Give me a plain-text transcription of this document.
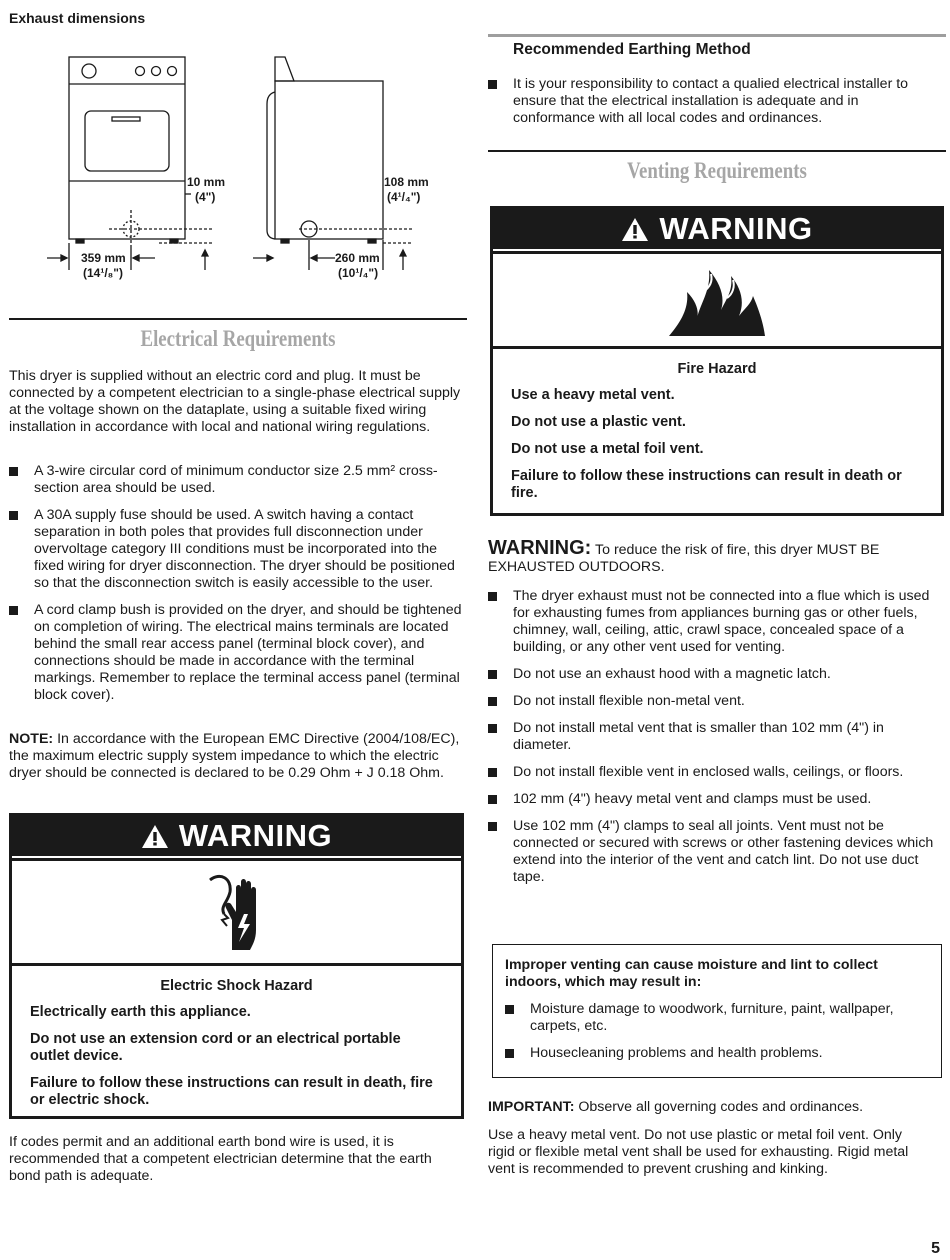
Exhaust dimensions
10 mm
(4")
359 mm
(14¹/₈")
108 mm
(4¹/₄")
260 mm
(10¹/₄")
Electrical Requirements

This dryer is supplied without an electric cord and plug. It must be connected by a competent electrician to a single-phase electrical supply at the voltage shown on the dataplate, using a suitable fixed wiring installation in accordance with local and national wiring regulations.

A 3-wire circular cord of minimum conductor size 2.5 mm² cross-section area should be used.
A 30A supply fuse should be used. A switch having a contact separation in both poles that provides full disconnection under overvoltage category III conditions must be incorporated into the fixed wiring for dryer disconnection. The dryer should be positioned so that the disconnection switch is easily accessible to the user.
A cord clamp bush is provided on the dryer, and should be tightened on completion of wiring. The electrical mains terminals are located behind the small rear access panel (terminal block cover), and connections should be made in accordance with the terminal markings. Remember to replace the terminal access panel (terminal block cover).

NOTE: In accordance with the European EMC Directive (2004/108/EC), the maximum electric supply system impedance to which the electric dryer should be connected is declared to be 0.29 Ohm + J 0.18 Ohm.

WARNING
Electric Shock Hazard
Electrically earth this appliance.
Do not use an extension cord or an electrical portable outlet device.
Failure to follow these instructions can result in death, fire or electric shock.

If codes permit and an additional earth bond wire is used, it is recommended that a competent electrician determine that the earth bond path is adequate.

Recommended Earthing Method
It is your responsibility to contact a qualied electrical installer to ensure that the electrical installation is adequate and in conformance with all local codes and ordinances.
Venting Requirements
WARNING
Fire Hazard
Use a heavy metal vent.
Do not use a plastic vent.
Do not use a metal foil vent.
Failure to follow these instructions can result in death or fire.

WARNING: To reduce the risk of fire, this dryer MUST BE EXHAUSTED OUTDOORS.

The dryer exhaust must not be connected into a flue which is used for exhausting fumes from appliances burning gas or other fuels, chimney, wall, ceiling, attic, crawl space, concealed space of a building, or any other vent used for venting.
Do not use an exhaust hood with a magnetic latch.
Do not install flexible non-metal vent.
Do not install metal vent that is smaller than 102 mm (4") in diameter.
Do not install flexible vent in enclosed walls, ceilings, or floors.
102 mm (4") heavy metal vent and clamps must be used.
Use 102 mm (4") clamps to seal all joints. Vent must not be connected or secured with screws or other fastening devices which extend into the interior of the vent and catch lint. Do not use duct tape.
Improper venting can cause moisture and lint to collect indoors, which may result in:
Moisture damage to woodwork, furniture, paint, wallpaper, carpets, etc.
Housecleaning problems and health problems.

IMPORTANT: Observe all governing codes and ordinances.

Use a heavy metal vent. Do not use plastic or metal foil vent. Only rigid or flexible metal vent shall be used for exhausting. Rigid metal vent is recommended to prevent crushing and kinking.

5
